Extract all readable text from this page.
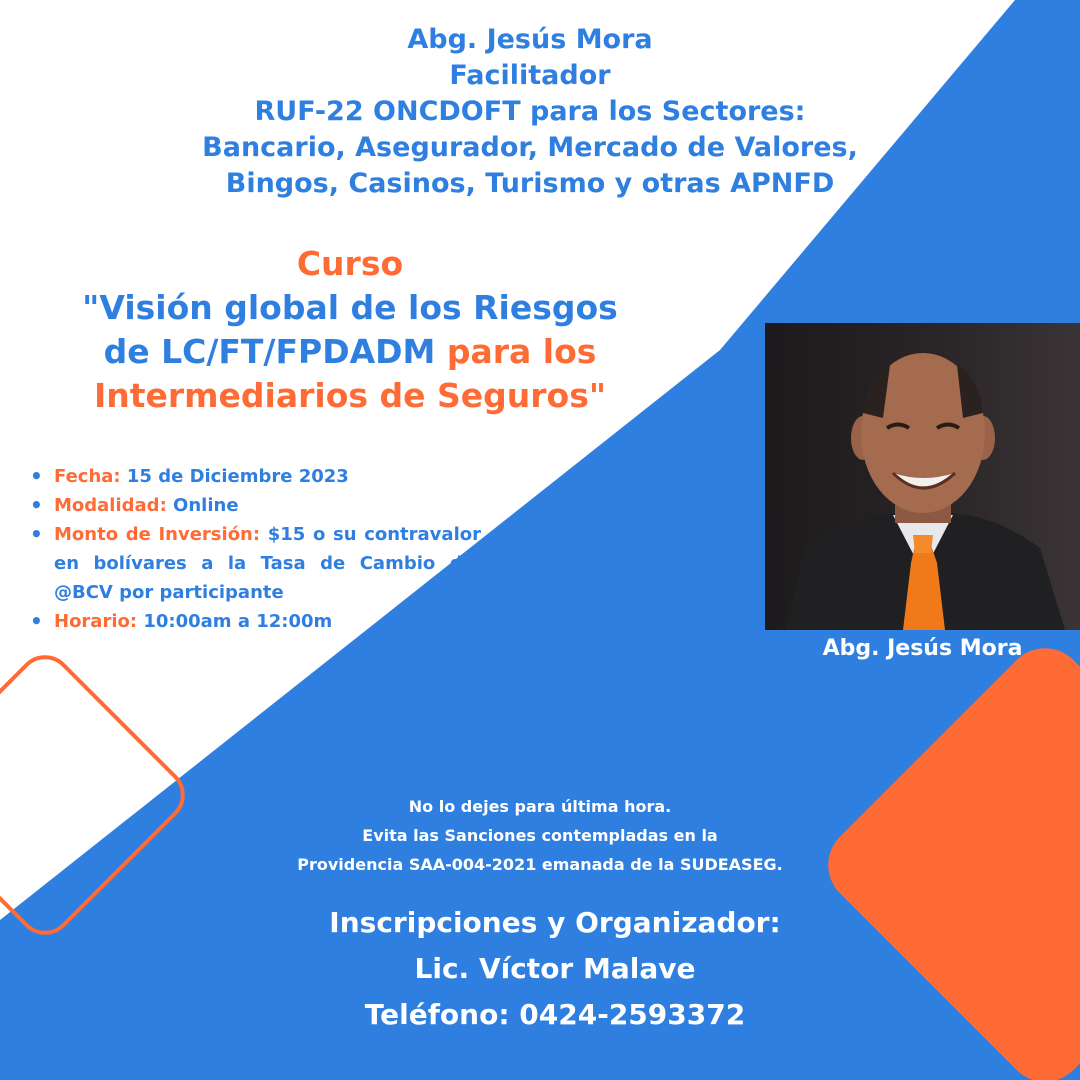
Abg. Jesús Mora
Facilitador
RUF-22 ONCDOFT para los Sectores:
Bancario, Asegurador, Mercado de Valores,
Bingos, Casinos, Turismo y otras APNFD
Curso
"Visión global de los Riesgos
de LC/FT/FPDADM para los
Intermediarios de Seguros"
• Fecha: 15 de Diciembre 2023
• Modalidad: Online
• Monto de Inversión: $15 o su contravalor en bolívares a la Tasa de Cambio del @BCV por participante
• Horario: 10:00am a 12:00m
Abg. Jesús Mora
No lo dejes para última hora.
Evita las Sanciones contempladas en la
Providencia SAA-004-2021 emanada de la SUDEASEG.
Inscripciones y Organizador:
Lic. Víctor Malave
Teléfono: 0424-2593372
